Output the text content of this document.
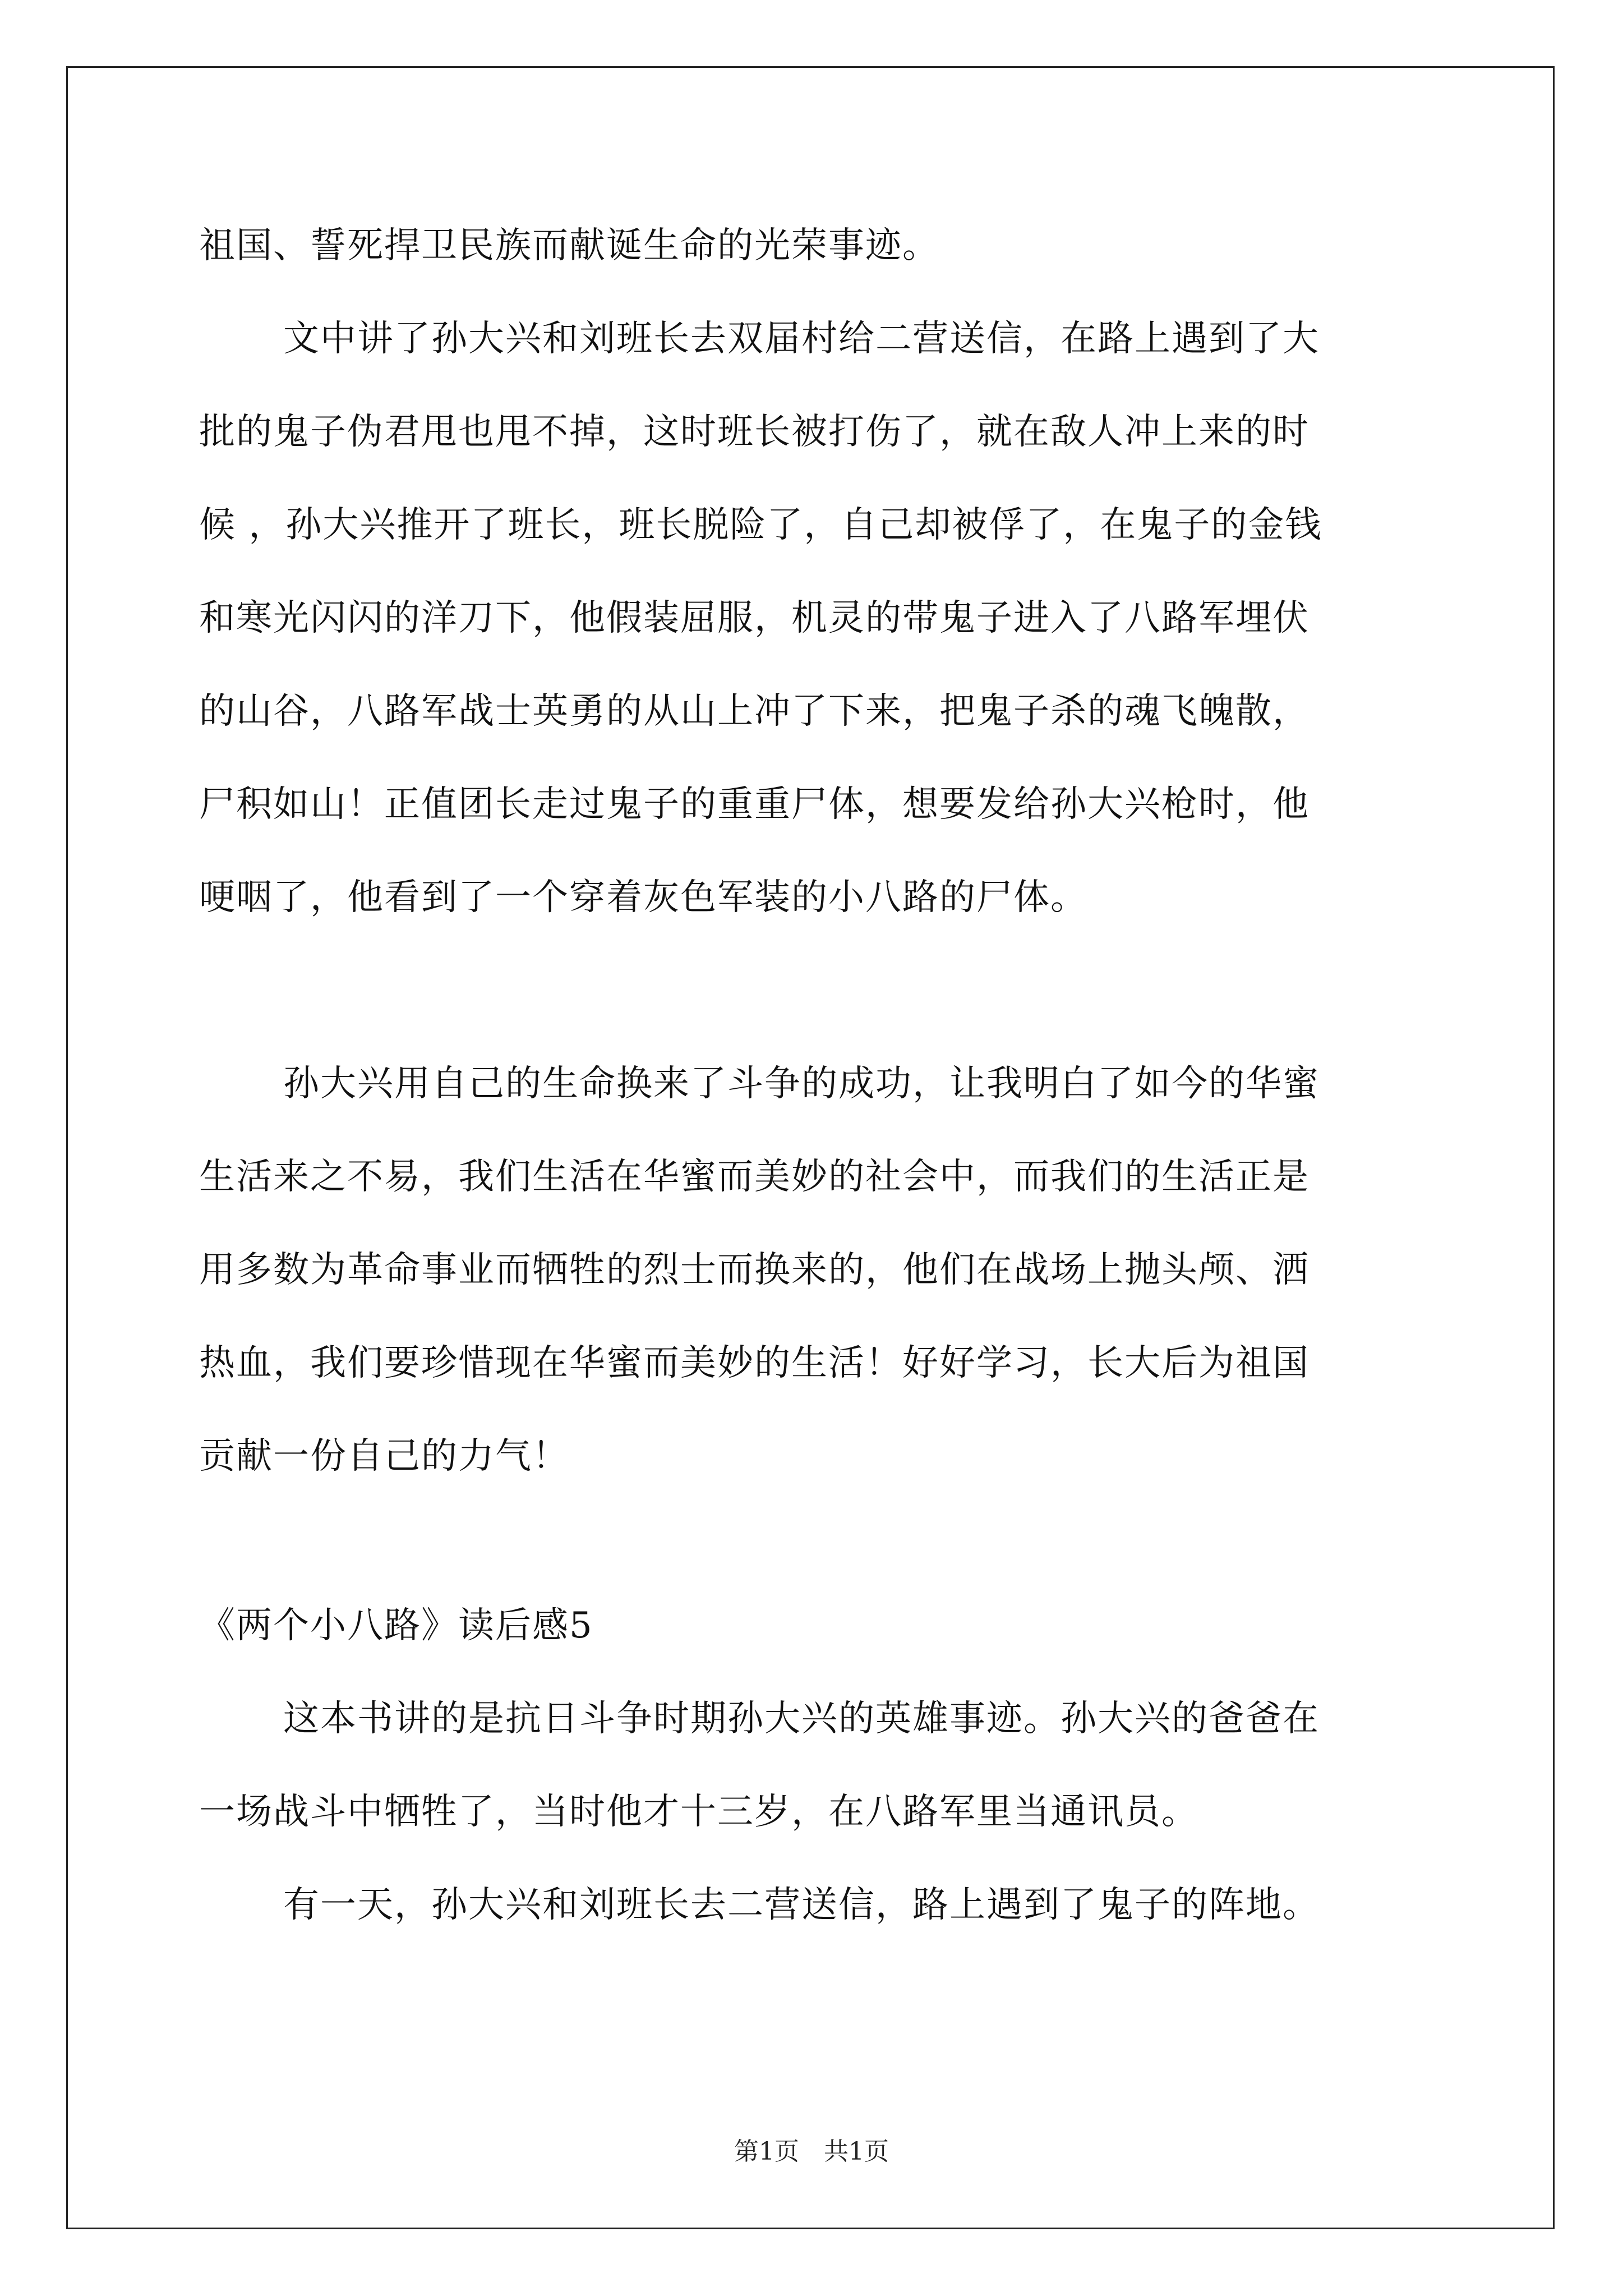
祖国、誓死捍卫民族而献诞生命的光荣事迹。
文中讲了孙大兴和刘班长去双届村给二营送信，在路上遇到了大
批的鬼子伪君甩也甩不掉，这时班长被打伤了，就在敌人冲上来的时
候 ，孙大兴推开了班长，班长脱险了，自己却被俘了，在鬼子的金钱
和寒光闪闪的洋刀下，他假装屈服，机灵的带鬼子进入了八路军埋伏
的山谷，八路军战士英勇的从山上冲了下来，把鬼子杀的魂飞魄散，
尸积如山！正值团长走过鬼子的重重尸体，想要发给孙大兴枪时，他
哽咽了，他看到了一个穿着灰色军装的小八路的尸体。
孙大兴用自己的生命换来了斗争的成功，让我明白了如今的华蜜
生活来之不易，我们生活在华蜜而美妙的社会中，而我们的生活正是
用多数为革命事业而牺牲的烈士而换来的，他们在战场上抛头颅、洒
热血，我们要珍惜现在华蜜而美妙的生活！好好学习，长大后为祖国
贡献一份自己的力气！
《两个小八路》读后感5
这本书讲的是抗日斗争时期孙大兴的英雄事迹。孙大兴的爸爸在
一场战斗中牺牲了，当时他才十三岁，在八路军里当通讯员。
有一天，孙大兴和刘班长去二营送信，路上遇到了鬼子的阵地。
第1页　共1页
